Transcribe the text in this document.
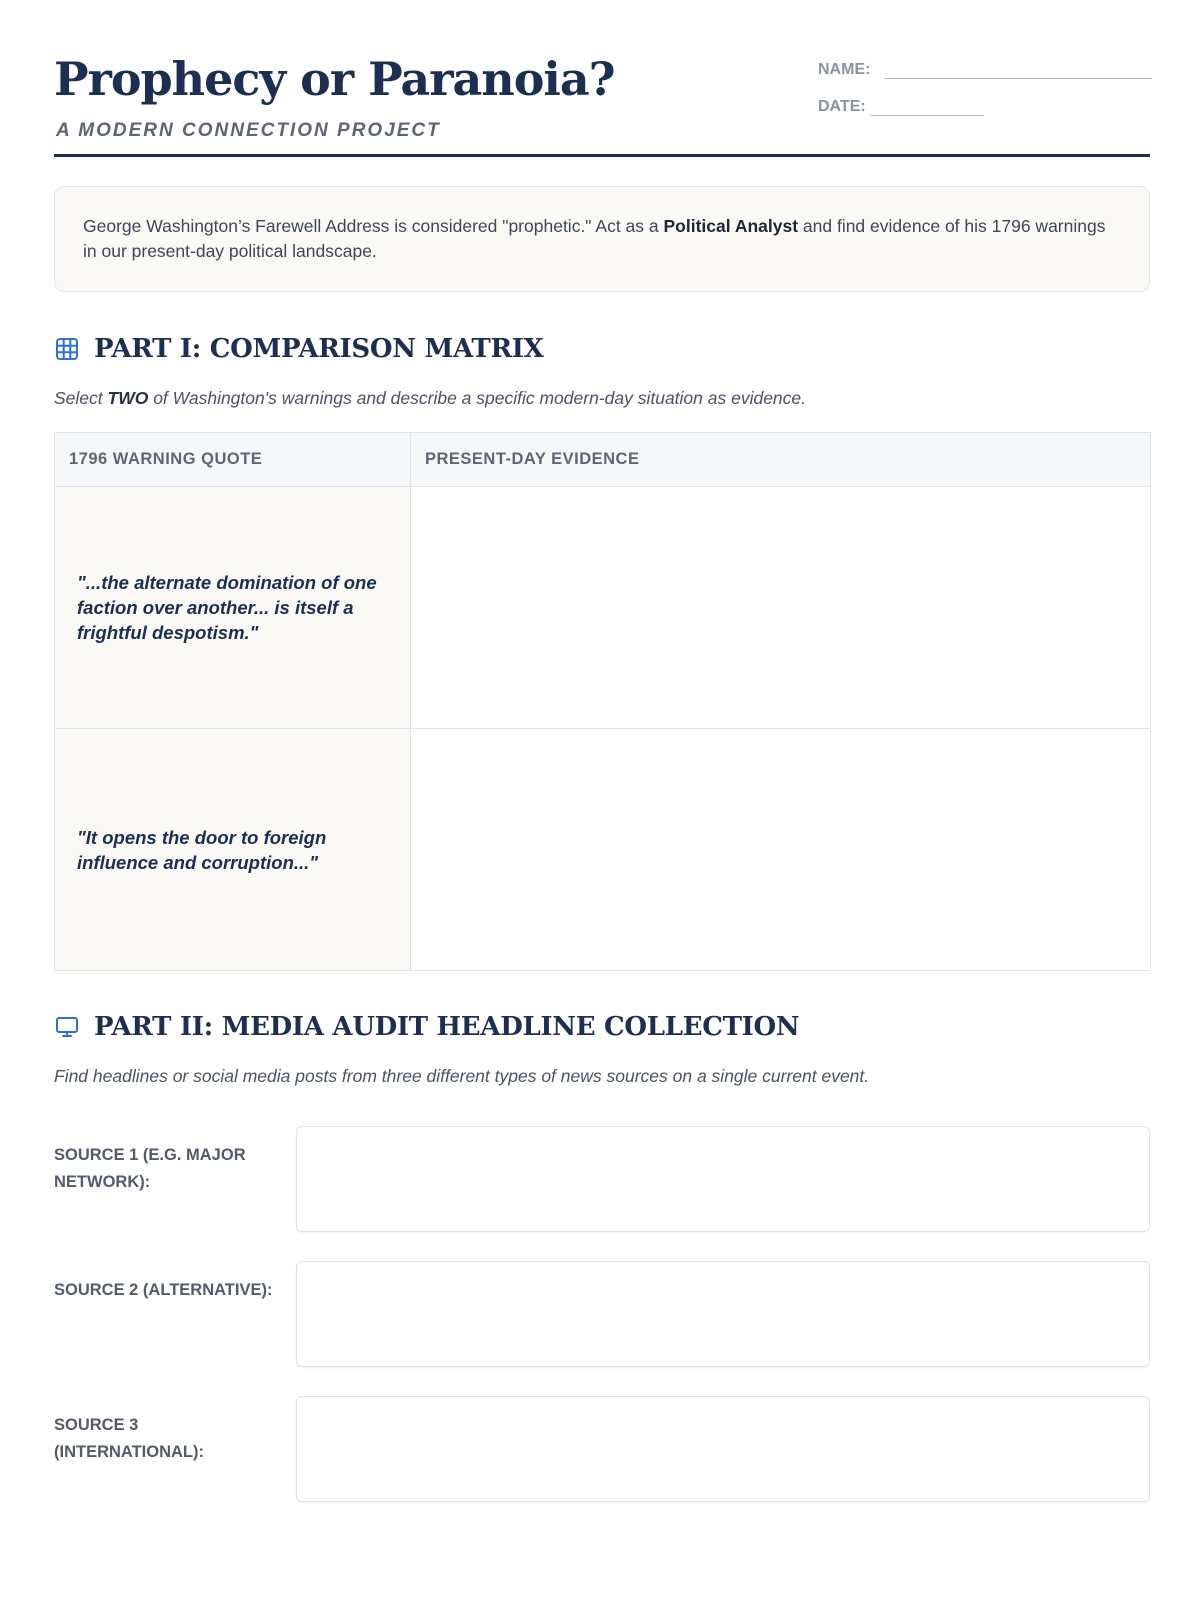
Prophecy or Paranoia?
A MODERN CONNECTION PROJECT
NAME:
DATE:
George Washington’s Farewell Address is considered "prophetic." Act as a Political Analyst and find evidence of his 1796 warnings in our present-day political landscape.
PART I: COMPARISON MATRIX
Select TWO of Washington's warnings and describe a specific modern-day situation as evidence.
1796 WARNING QUOTE	PRESENT-DAY EVIDENCE
"...the alternate domination of one faction over another... is itself a frightful despotism."	
"It opens the door to foreign influence and corruption..."	
PART II: MEDIA AUDIT HEADLINE COLLECTION
Find headlines or social media posts from three different types of news sources on a single current event.
SOURCE 1 (E.G. MAJOR NETWORK):
SOURCE 2 (ALTERNATIVE):
SOURCE 3 (INTERNATIONAL):
